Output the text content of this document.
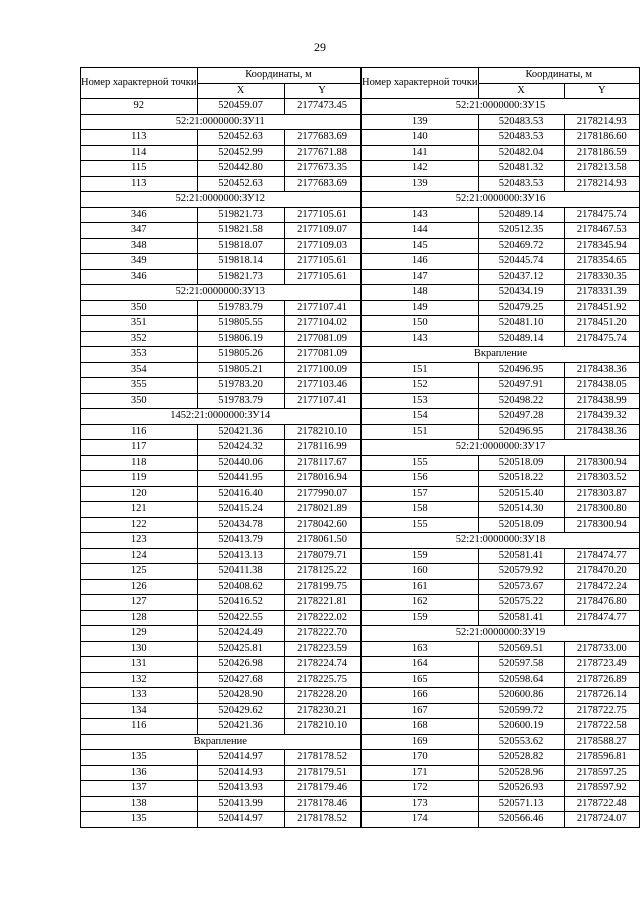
29
Номер характерной точки	Координаты, м	
	X	Y
92	520459.07	2177473.45
52:21:0000000:ЗУ11		
113	520452.63	2177683.69
114	520452.99	2177671.88
115	520442.80	2177673.35
113	520452.63	2177683.69
52:21:0000000:ЗУ12		
346	519821.73	2177105.61
347	519821.58	2177109.07
348	519818.07	2177109.03
349	519818.14	2177105.61
346	519821.73	2177105.61
52:21:0000000:ЗУ13		
350	519783.79	2177107.41
351	519805.55	2177104.02
352	519806.19	2177081.09
353	519805.26	2177081.09
354	519805.21	2177100.09
355	519783.20	2177103.46
350	519783.79	2177107.41
1452:21:0000000:ЗУ14		
116	520421.36	2178210.10
117	520424.32	2178116.99
118	520440.06	2178117.67
119	520441.95	2178016.94
120	520416.40	2177990.07
121	520415.24	2178021.89
122	520434.78	2178042.60
123	520413.79	2178061.50
124	520413.13	2178079.71
125	520411.38	2178125.22
126	520408.62	2178199.75
127	520416.52	2178221.81
128	520422.55	2178222.02
129	520424.49	2178222.70
130	520425.81	2178223.59
131	520426.98	2178224.74
132	520427.68	2178225.75
133	520428.90	2178228.20
134	520429.62	2178230.21
116	520421.36	2178210.10
Вкрапление		
135	520414.97	2178178.52
136	520414.93	2178179.51
137	520413.93	2178179.46
138	520413.99	2178178.46
135	520414.97	2178178.52
Номер характерной точки	Координаты, м	
	X	Y
52:21:0000000:ЗУ15		
139	520483.53	2178214.93
140	520483.53	2178186.60
141	520482.04	2178186.59
142	520481.32	2178213.58
139	520483.53	2178214.93
52:21:0000000:ЗУ16		
143	520489.14	2178475.74
144	520512.35	2178467.53
145	520469.72	2178345.94
146	520445.74	2178354.65
147	520437.12	2178330.35
148	520434.19	2178331.39
149	520479.25	2178451.92
150	520481.10	2178451.20
143	520489.14	2178475.74
Вкрапление		
151	520496.95	2178438.36
152	520497.91	2178438.05
153	520498.22	2178438.99
154	520497.28	2178439.32
151	520496.95	2178438.36
52:21:0000000:ЗУ17		
155	520518.09	2178300.94
156	520518.22	2178303.52
157	520515.40	2178303.87
158	520514.30	2178300.80
155	520518.09	2178300.94
52:21:0000000:ЗУ18		
159	520581.41	2178474.77
160	520579.92	2178470.20
161	520573.67	2178472.24
162	520575.22	2178476.80
159	520581.41	2178474.77
52:21:0000000:ЗУ19		
163	520569.51	2178733.00
164	520597.58	2178723.49
165	520598.64	2178726.89
166	520600.86	2178726.14
167	520599.72	2178722.75
168	520600.19	2178722.58
169	520553.62	2178588.27
170	520528.82	2178596.81
171	520528.96	2178597.25
172	520526.93	2178597.92
173	520571.13	2178722.48
174	520566.46	2178724.07
